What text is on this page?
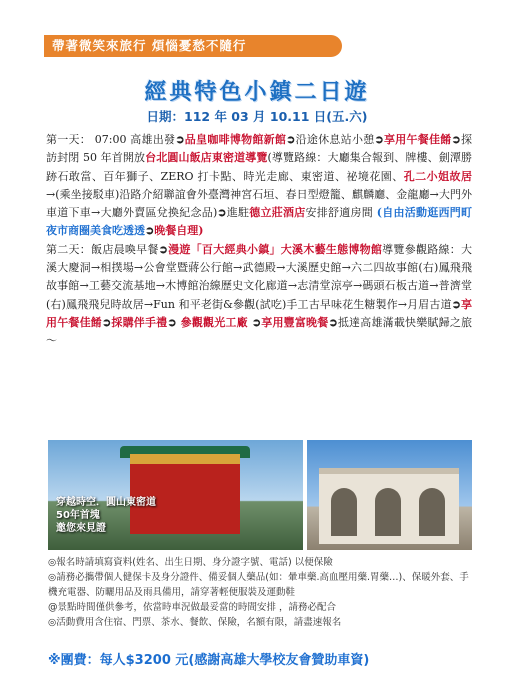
帶著微笑來旅行 煩惱憂愁不隨行
經典特色小鎮二日遊
日期：112 年 03 月 10.11 日(五.六)

第一天： 07:00 高雄出發➲品皇咖啡博物館新館➲沿途休息站小憩➲享用午餐佳餚➲探訪封閉 50 年首開放台北圓山飯店東密道導覽(導覽路線：大廳集合報到、牌樓、劍潭勝跡石敢當、百年獅子、ZERO 打卡點、時光走廊、東密道、祕境花園、孔二小姐故居→(乘坐接駁車)沿路介紹聯誼會外臺灣神宮石垣、春日型燈籠、麒麟廳、金龍廳→大門外車道下車→大廳外賣區兌換紀念品)➲進駐德立莊酒店安排舒適房間 (自由活動逛西門町夜市商圈美食吃透透➲晚餐自理)

第二天：飯店晨喚早餐➲漫遊「百大經典小鎮」大溪木藝生態博物館導覽參觀路線：大溪大慶洞→相撲場→公會堂暨蔣公行館→武德殿→大溪歷史館→六二四故事館(右)鳳飛飛故事館→工藝交流基地→木博館治線歷史文化廊道→志清堂涼亭→碼頭石板古道→普濟堂(右)鳳飛飛兒時故居→Fun 和平老街&參觀(試吃)手工古早味花生糖製作→月眉古道➲享用午餐佳餚➲採購伴手禮➲ 參觀觀光工廠 ➲享用豐富晚餐➲抵達高雄滿載快樂賦歸之旅～

穿越時空．圓山東密道
50年首塊
邀您來見證

◎報名時請填寫資料(姓名、出生日期、身分證字號、電話) 以便保險

◎請務必攜帶個人健保卡及身分證件、備妥個人藥品(如：暈車藥.高血壓用藥.胃藥…)、保暖外套、手機充電器、防曬用品及雨具備用，請穿著輕便服裝及運動鞋

@景點時間僅供參考，依當時車況做最妥當的時間安排 ，請務必配合

◎活動費用含住宿、門票、茶水、餐飲、保險，名額有限，請盡速報名

※團費：每人$3200 元(感謝高雄大學校友會贊助車資)
